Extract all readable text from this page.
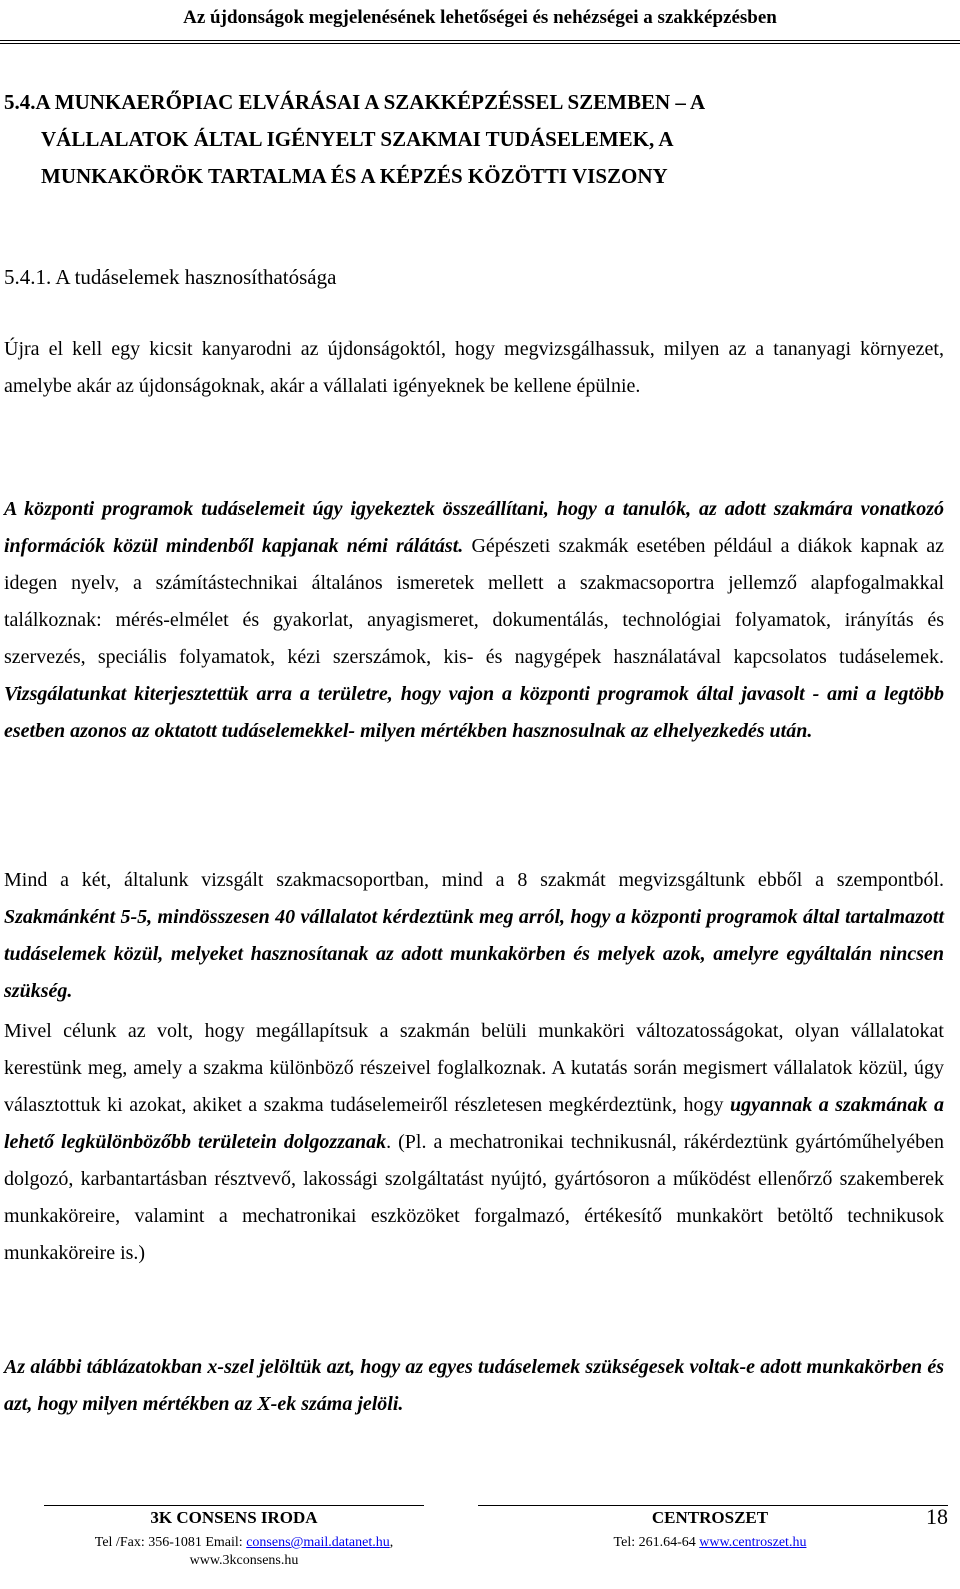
Az újdonságok megjelenésének lehetőségei és nehézségei a szakképzésben
5.4.A MUNKAERŐPIAC ELVÁRÁSAI A SZAKKÉPZÉSSEL SZEMBEN – A
VÁLLALATOK ÁLTAL IGÉNYELT SZAKMAI TUDÁSELEMEK, A
MUNKAKÖRÖK TARTALMA ÉS A KÉPZÉS KÖZÖTTI VISZONY
5.4.1. A tudáselemek hasznosíthatósága

Újra el kell egy kicsit kanyarodni az újdonságoktól, hogy megvizsgálhassuk, milyen az a tananyagi környezet, amelybe akár az újdonságoknak, akár a vállalati igényeknek be kellene épülnie.

A központi programok tudáselemeit úgy igyekeztek összeállítani, hogy a tanulók, az adott szakmára vonatkozó információk közül mindenből kapjanak némi rálátást. Gépészeti szakmák esetében például a diákok kapnak az idegen nyelv, a számítástechnikai általános ismeretek mellett a szakmacsoportra jellemző alapfogalmakkal találkoznak: mérés-elmélet és gyakorlat, anyagismeret, dokumentálás, technológiai folyamatok, irányítás és szervezés, speciális folyamatok, kézi szerszámok, kis- és nagygépek használatával kapcsolatos tudáselemek. Vizsgálatunkat kiterjesztettük arra a területre, hogy vajon a központi programok által javasolt - ami a legtöbb esetben azonos az oktatott tudáselemekkel- milyen mértékben hasznosulnak az elhelyezkedés után.

Mind a két, általunk vizsgált szakmacsoportban, mind a 8 szakmát megvizsgáltunk ebből a szempontból. Szakmánként 5-5, mindösszesen 40 vállalatot kérdeztünk meg arról, hogy a központi programok által tartalmazott tudáselemek közül, melyeket hasznosítanak az adott munkakörben és melyek azok, amelyre egyáltalán nincsen szükség.

Mivel célunk az volt, hogy megállapítsuk a szakmán belüli munkaköri változatosságokat, olyan vállalatokat kerestünk meg, amely a szakma különböző részeivel foglalkoznak. A kutatás során megismert vállalatok közül, úgy választottuk ki azokat, akiket a szakma tudáselemeiről részletesen megkérdeztünk, hogy ugyannak a szakmának a lehető legkülönbözőbb területein dolgozzanak. (Pl. a mechatronikai technikusnál, rákérdeztünk gyártóműhelyében dolgozó, karbantartásban résztvevő, lakossági szolgáltatást nyújtó, gyártósoron a működést ellenőrző szakemberek munkaköreire, valamint a mechatronikai eszközöket forgalmazó, értékesítő munkakört betöltő technikusok munkaköreire is.)

Az alábbi táblázatokban x-szel jelöltük azt, hogy az egyes tudáselemek szükségesek voltak-e adott munkakörben és azt, hogy milyen mértékben az X-ek száma jelöli.

3K CONSENS IRODA	CENTROSZET	18
Tel /Fax: 356-1081 Email: consens@mail.datanet.hu,
www.3kconsens.hu
Tel: 261.64-64 www.centroszet.hu
